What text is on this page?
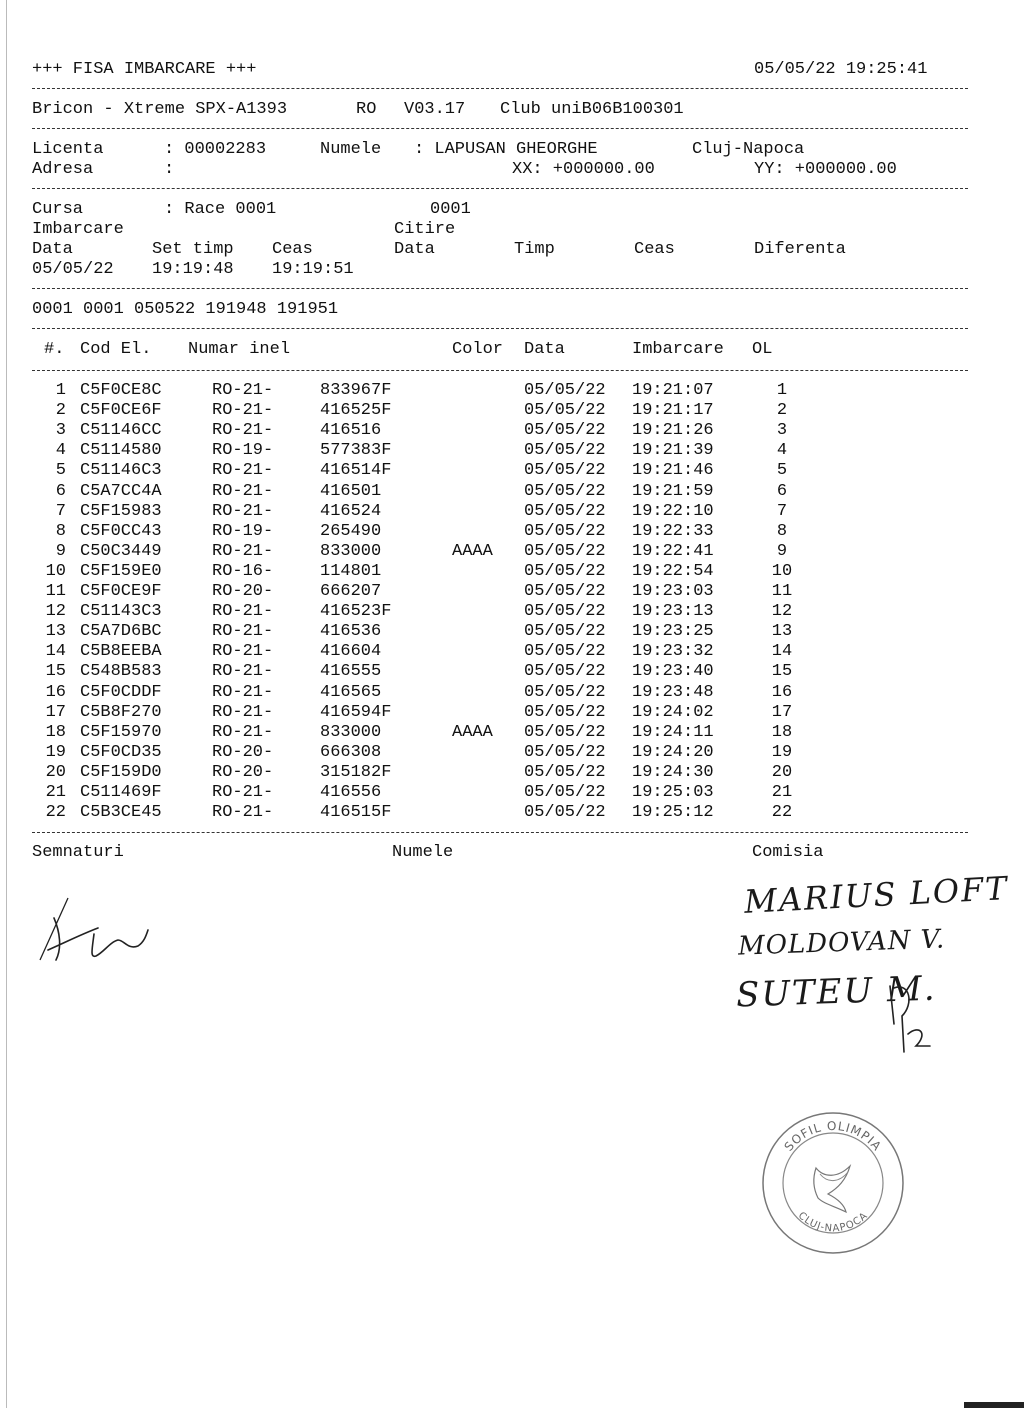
+++ FISA IMBARCARE +++	05/05/22 19:25:41
Bricon - Xtreme SPX-A1393	RO V03.17 Club uniB06B100301
Licenta	: 00002283	Numele : LAPUSAN GHEORGHE	Cluj-Napoca
Adresa	:	XX: +000000.00	YY: +000000.00
Cursa	: Race 0001	0001
Imbarcare	Citire
Data	Set timp Ceas	Data	Timp	Ceas	Diferenta
05/05/22 19:19:48 19:19:51
0001 0001 050522 191948 191951
#. Cod El. Numar inel	Color Data	Imbarcare OL
1 C5F0CE8C	RO-21-	833967F	05/05/22 19:21:07	1
2 C5F0CE6F	RO-21-	416525F	05/05/22 19:21:17	2
3 C51146CC	RO-21-	416516	05/05/22 19:21:26	3
4 C5114580	RO-19-	577383F	05/05/22 19:21:39	4
5 C51146C3	RO-21-	416514F	05/05/22 19:21:46	5
6 C5A7CC4A	RO-21-	416501	05/05/22 19:21:59	6
7 C5F15983	RO-21-	416524	05/05/22 19:22:10	7
8 C5F0CC43	RO-19-	265490	05/05/22 19:22:33	8
9 C50C3449	RO-21-	833000	AAAA 05/05/22 19:22:41	9
10 C5F159E0	RO-16-	114801	05/05/22 19:22:54	10
11 C5F0CE9F	RO-20-	666207	05/05/22 19:23:03	11
12 C51143C3	RO-21-	416523F	05/05/22 19:23:13	12
13 C5A7D6BC	RO-21-	416536	05/05/22 19:23:25	13
14 C5B8EEBA	RO-21-	416604	05/05/22 19:23:32	14
15 C548B583	RO-21-	416555	05/05/22 19:23:40	15
16 C5F0CDDF	RO-21-	416565	05/05/22 19:23:48	16
17 C5B8F270	RO-21-	416594F	05/05/22 19:24:02	17
18 C5F15970	RO-21-	833000	AAAA 05/05/22 19:24:11	18
19 C5F0CD35	RO-20-	666308	05/05/22 19:24:20	19
20 C5F159D0	RO-20-	315182F	05/05/22 19:24:30	20
21 C511469F	RO-21-	416556	05/05/22 19:25:03	21
22 C5B3CE45	RO-21-	416515F	05/05/22 19:25:12	22
Semnaturi	Numele	Comisia
MARIUS LOFT
MOLDOVAN V.
SUTEU M.
SOFIL OLIMPIA
CLUJ-NAPOCA
